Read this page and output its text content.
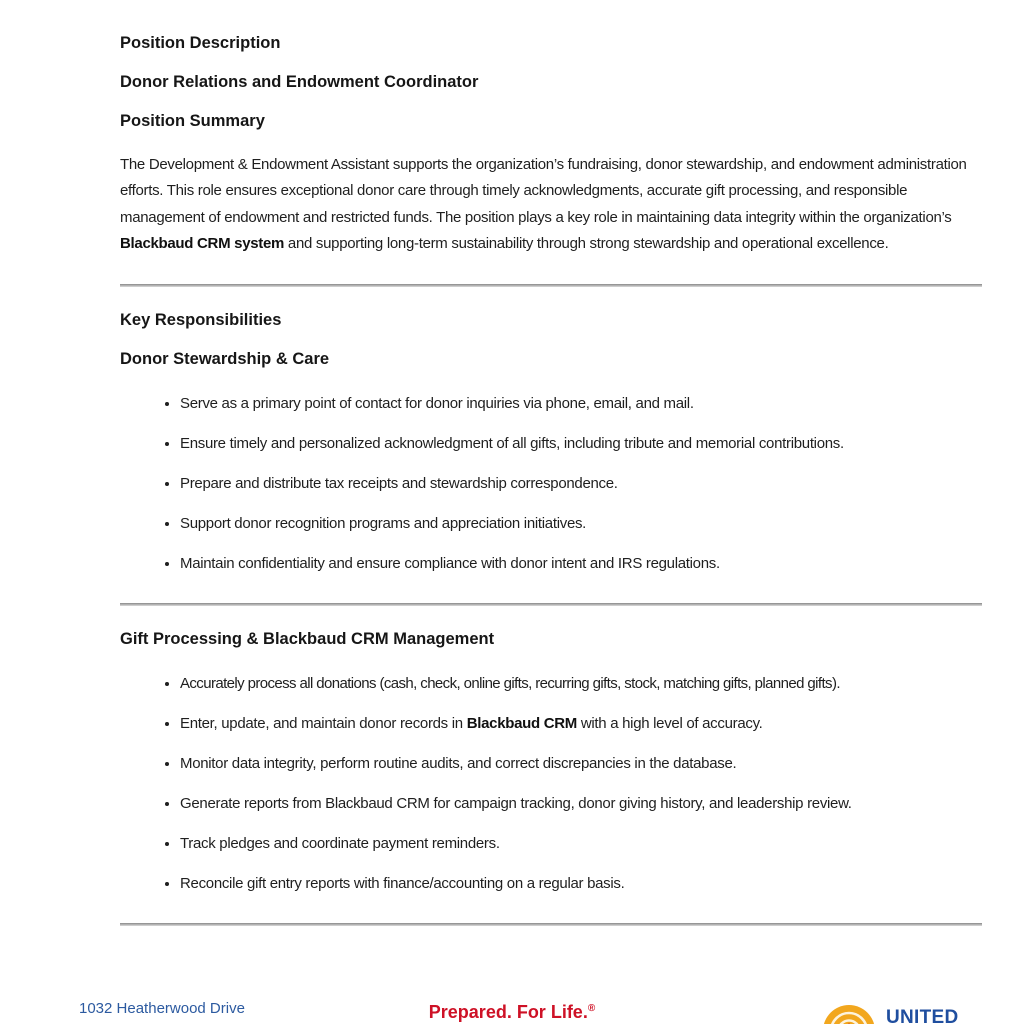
Position Description

Donor Relations and Endowment Coordinator

Position Summary

The Development & Endowment Assistant supports the organization’s fundraising, donor stewardship, and endowment administration efforts. This role ensures exceptional donor care through timely acknowledgments, accurate gift processing, and responsible management of endowment and restricted funds. The position plays a key role in maintaining data integrity within the organization’s Blackbaud CRM system and supporting long-term sustainability through strong stewardship and operational excellence.

Key Responsibilities

Donor Stewardship & Care

• Serve as a primary point of contact for donor inquiries via phone, email, and mail.
• Ensure timely and personalized acknowledgment of all gifts, including tribute and memorial contributions.
• Prepare and distribute tax receipts and stewardship correspondence.
• Support donor recognition programs and appreciation initiatives.
• Maintain confidentiality and ensure compliance with donor intent and IRS regulations.

Gift Processing & Blackbaud CRM Management

• Accurately process all donations (cash, check, online gifts, recurring gifts, stock, matching gifts, planned gifts).
• Enter, update, and maintain donor records in Blackbaud CRM with a high level of accuracy.
• Monitor data integrity, perform routine audits, and correct discrepancies in the database.
• Generate reports from Blackbaud CRM for campaign tracking, donor giving history, and leadership review.
• Track pledges and coordinate payment reminders.
• Reconcile gift entry reports with finance/accounting on a regular basis.
1032 Heatherwood Drive	Prepared. For Life.®	UNITED
